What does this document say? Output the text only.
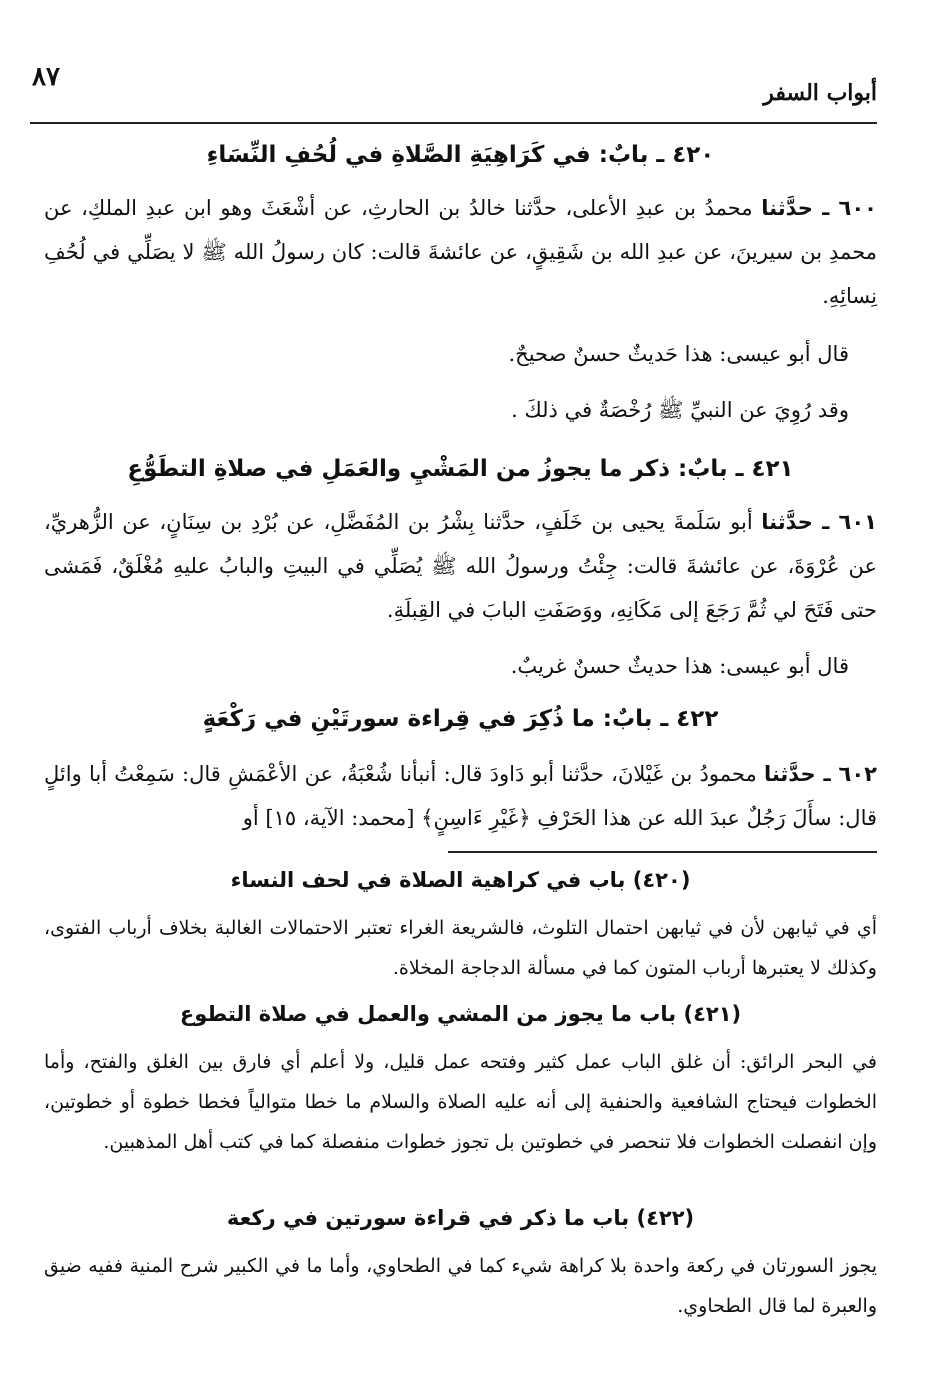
٨٧
أبواب السفر
٤٢٠ ـ بابٌ: في كَرَاهِيَةِ الصَّلاةِ في لُحُفِ النِّسَاءِ
٦٠٠ ـ حدَّثنا محمدُ بن عبدِ الأعلى، حدَّثنا خالدُ بن الحارثِ، عن أشْعَثَ وهو ابن عبدِ الملكِ، عن محمدِ بن سيرينَ، عن عبدِ الله بن شَقِيقٍ، عن عائشةَ قالت: كان رسولُ الله ﷺ لا يصَلِّي في لُحُفِ نِسائِهِ.
قال أبو عيسى: هذا حَديثٌ حسنٌ صحيحٌ.
وقد رُوِيَ عن النبيِّ ﷺ رُخْصَةٌ في ذلكَ .
٤٢١ ـ بابٌ: ذكر ما يجوزُ من المَشْيِ والعَمَلِ في صلاةِ التطَوُّعِ
٦٠١ ـ حدَّثنا أبو سَلَمةَ يحيى بن خَلَفٍ، حدَّثنا بِشْرُ بن المُفَضَّلِ، عن بُرْدِ بن سِنَانٍ، عن الزُّهريِّ، عن عُرْوَةَ، عن عائشةَ قالت: جِئْتُ ورسولُ الله ﷺ يُصَلِّي في البيتِ والبابُ عليهِ مُغْلَقٌ، فَمَشى حتى فَتَحَ لي ثُمَّ رَجَعَ إلى مَكَانِهِ، ووَصَفَتِ البابَ في القِبلَةِ.
قال أبو عيسى: هذا حديثٌ حسنٌ غريبٌ.
٤٢٢ ـ بابٌ: ما ذُكِرَ في قِراءة سورتَيْنِ في رَكْعَةٍ
٦٠٢ ـ حدَّثنا محمودُ بن غَيْلانَ، حدَّثنا أبو دَاودَ قال: أنبأنا شُعْبَةُ، عن الأعْمَشِ قال: سَمِعْتُ أبا وائلٍ قال: سأَلَ رَجُلٌ عبدَ الله عن هذا الحَرْفِ ﴿غَيْرِ ءَاسِنٍ﴾ [محمد: الآية، ١٥] أو
(٤٢٠) باب في كراهية الصلاة في لحف النساء
أي في ثيابهن لأن في ثيابهن احتمال التلوث، فالشريعة الغراء تعتبر الاحتمالات الغالبة بخلاف أرباب الفتوى، وكذلك لا يعتبرها أرباب المتون كما في مسألة الدجاجة المخلاة.
(٤٢١) باب ما يجوز من المشي والعمل في صلاة التطوع
في البحر الرائق: أن غلق الباب عمل كثير وفتحه عمل قليل، ولا أعلم أي فارق بين الغلق والفتح، وأما الخطوات فيحتاج الشافعية والحنفية إلى أنه عليه الصلاة والسلام ما خطا متوالياً فخطا خطوة أو خطوتين، وإن انفصلت الخطوات فلا تنحصر في خطوتين بل تجوز خطوات منفصلة كما في كتب أهل المذهبين.
(٤٢٢) باب ما ذكر في قراءة سورتين في ركعة
يجوز السورتان في ركعة واحدة بلا كراهة شيء كما في الطحاوي، وأما ما في الكبير شرح المنية ففيه ضيق والعبرة لما قال الطحاوي.
